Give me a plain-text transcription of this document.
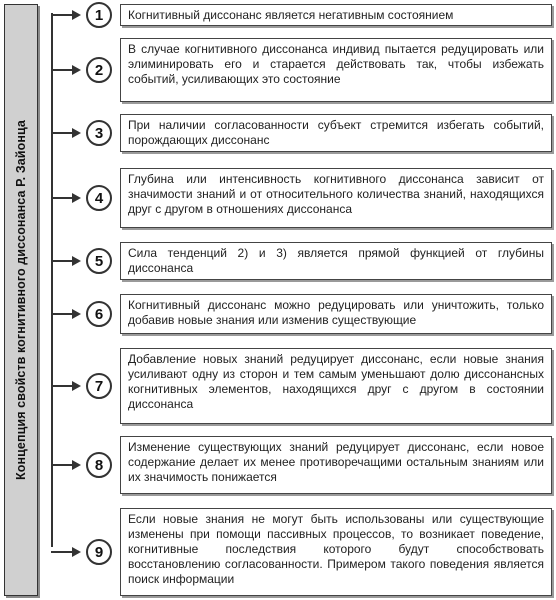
Концепция свойств когнитивного диссонанса Р. Зайонца
1	Когнитивный диссонанс является негативным состоянием
2
В случае когнитивного диссонанса индивид пытается редуцировать или элиминировать его и старается действовать так, чтобы избежать событий, усиливающих это состояние
3	При наличии согласованности субъект стремится избегать событий, порождающих диссонанс
4
Глубина или интенсивность когнитивного диссонанса зависит от значимости знаний и от относительного количества знаний, находящихся друг с другом в отношениях диссонанса
5	Сила тенденций 2) и 3) является прямой функцией от глубины диссонанса
6
Когнитивный диссонанс можно редуцировать или уничтожить, только добавив новые знания или изменив существующие
7
Добавление новых знаний редуцирует диссонанс, если новые знания усиливают одну из сторон и тем самым уменьшают долю диссонансных когнитивных элементов, находящихся друг с другом в состоянии диссонанса
8
Изменение существующих знаний редуцирует диссонанс, если новое содержание делает их менее противоречащими остальным знаниям или их значимость понижается
9
Если новые знания не могут быть использованы или существующие изменены при помощи пассивных процессов, то возникает поведение, когнитивные последствия которого будут способствовать восстановлению согласованности. Примером такого поведения является поиск информации
